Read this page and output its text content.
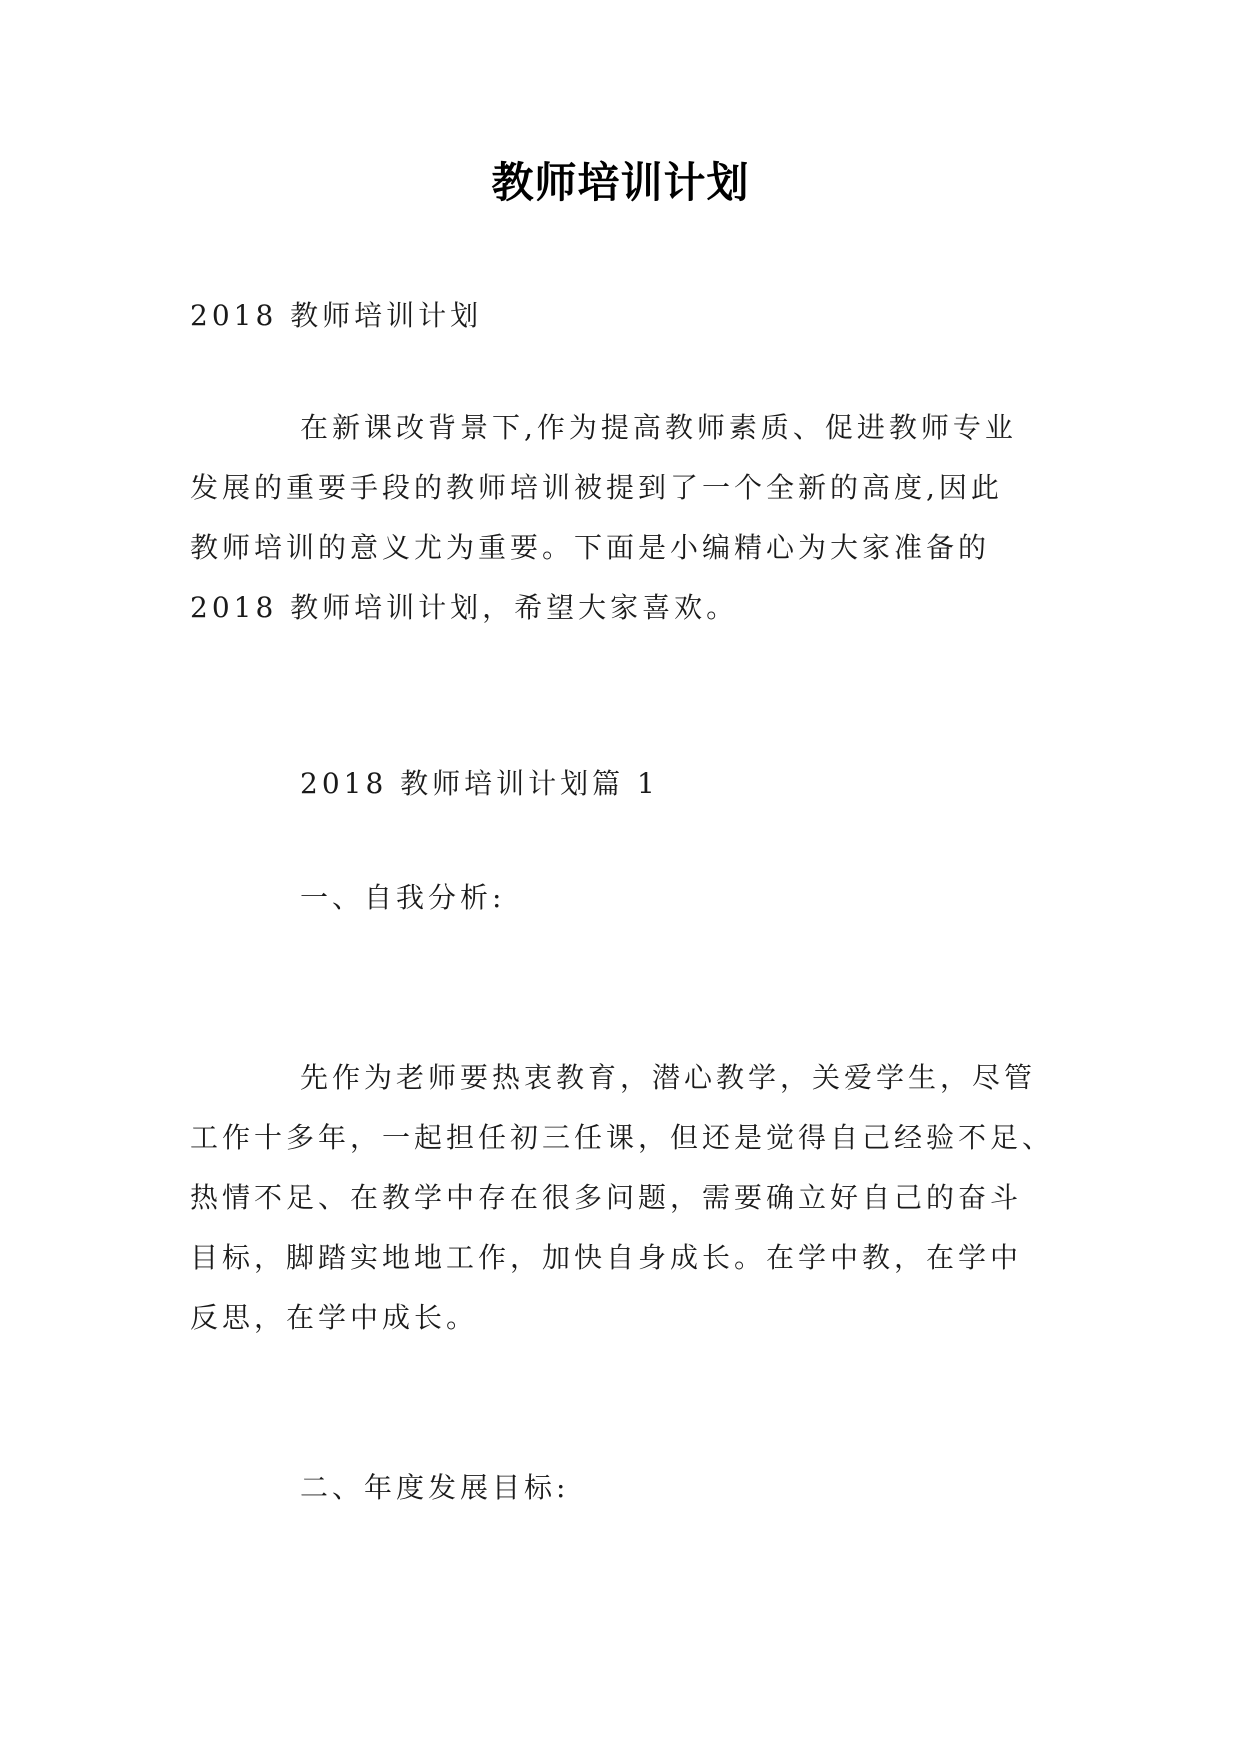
教师培训计划
2018 教师培训计划
在新课改背景下,作为提高教师素质、促进教师专业
发展的重要手段的教师培训被提到了一个全新的高度,因此
教师培训的意义尤为重要。下面是小编精心为大家准备的
2018 教师培训计划，希望大家喜欢。
2018 教师培训计划篇 1
一、自我分析:
先作为老师要热衷教育，潜心教学，关爱学生，尽管
工作十多年，一起担任初三任课，但还是觉得自己经验不足、
热情不足、在教学中存在很多问题，需要确立好自己的奋斗
目标，脚踏实地地工作，加快自身成长。在学中教，在学中
反思，在学中成长。
二、年度发展目标:
